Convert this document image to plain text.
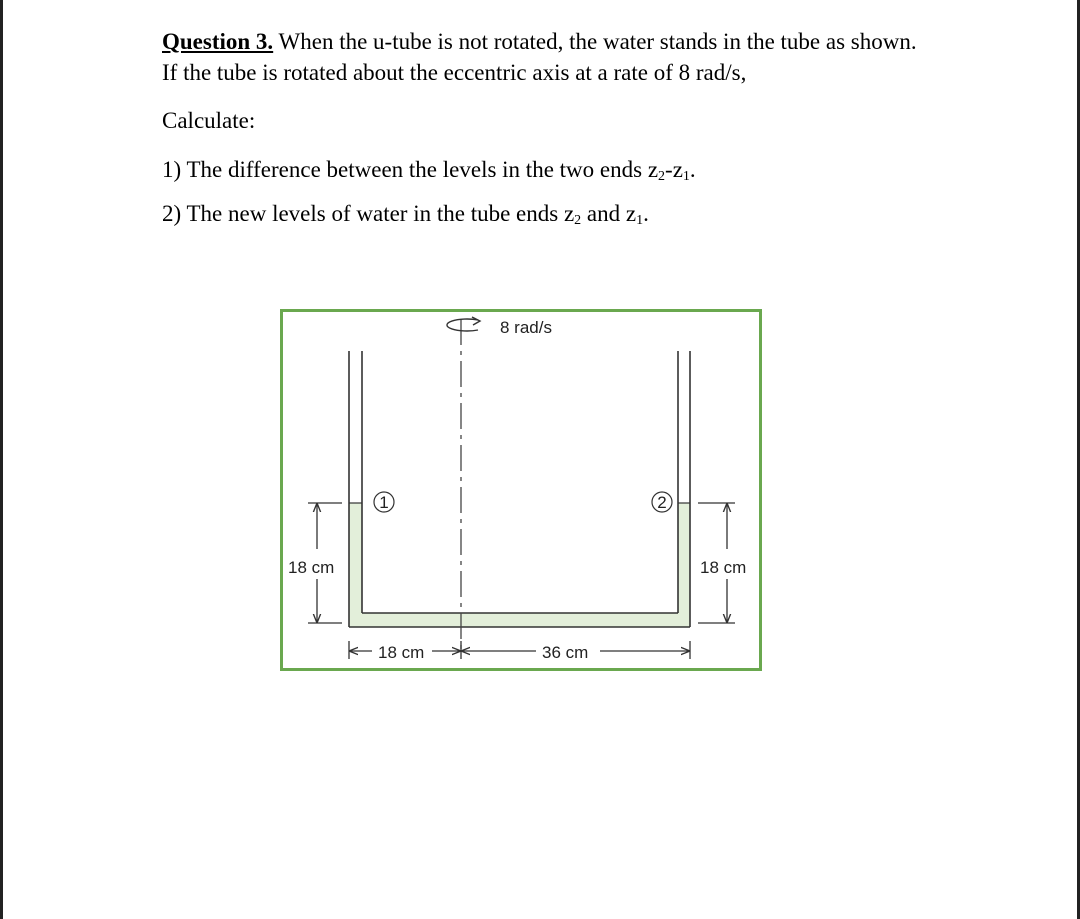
Question 3. When the u-tube is not rotated, the water stands in the tube as shown. If the tube is rotated about the eccentric axis at a rate of 8 rad/s,

Calculate:

1) The difference between the levels in the two ends $z_2-z_1$.

2) The new levels of water in the tube ends $z_2$ and $z_1$.

8 rad/s
18 cm	18 cm
1	2
18 cm	36 cm
